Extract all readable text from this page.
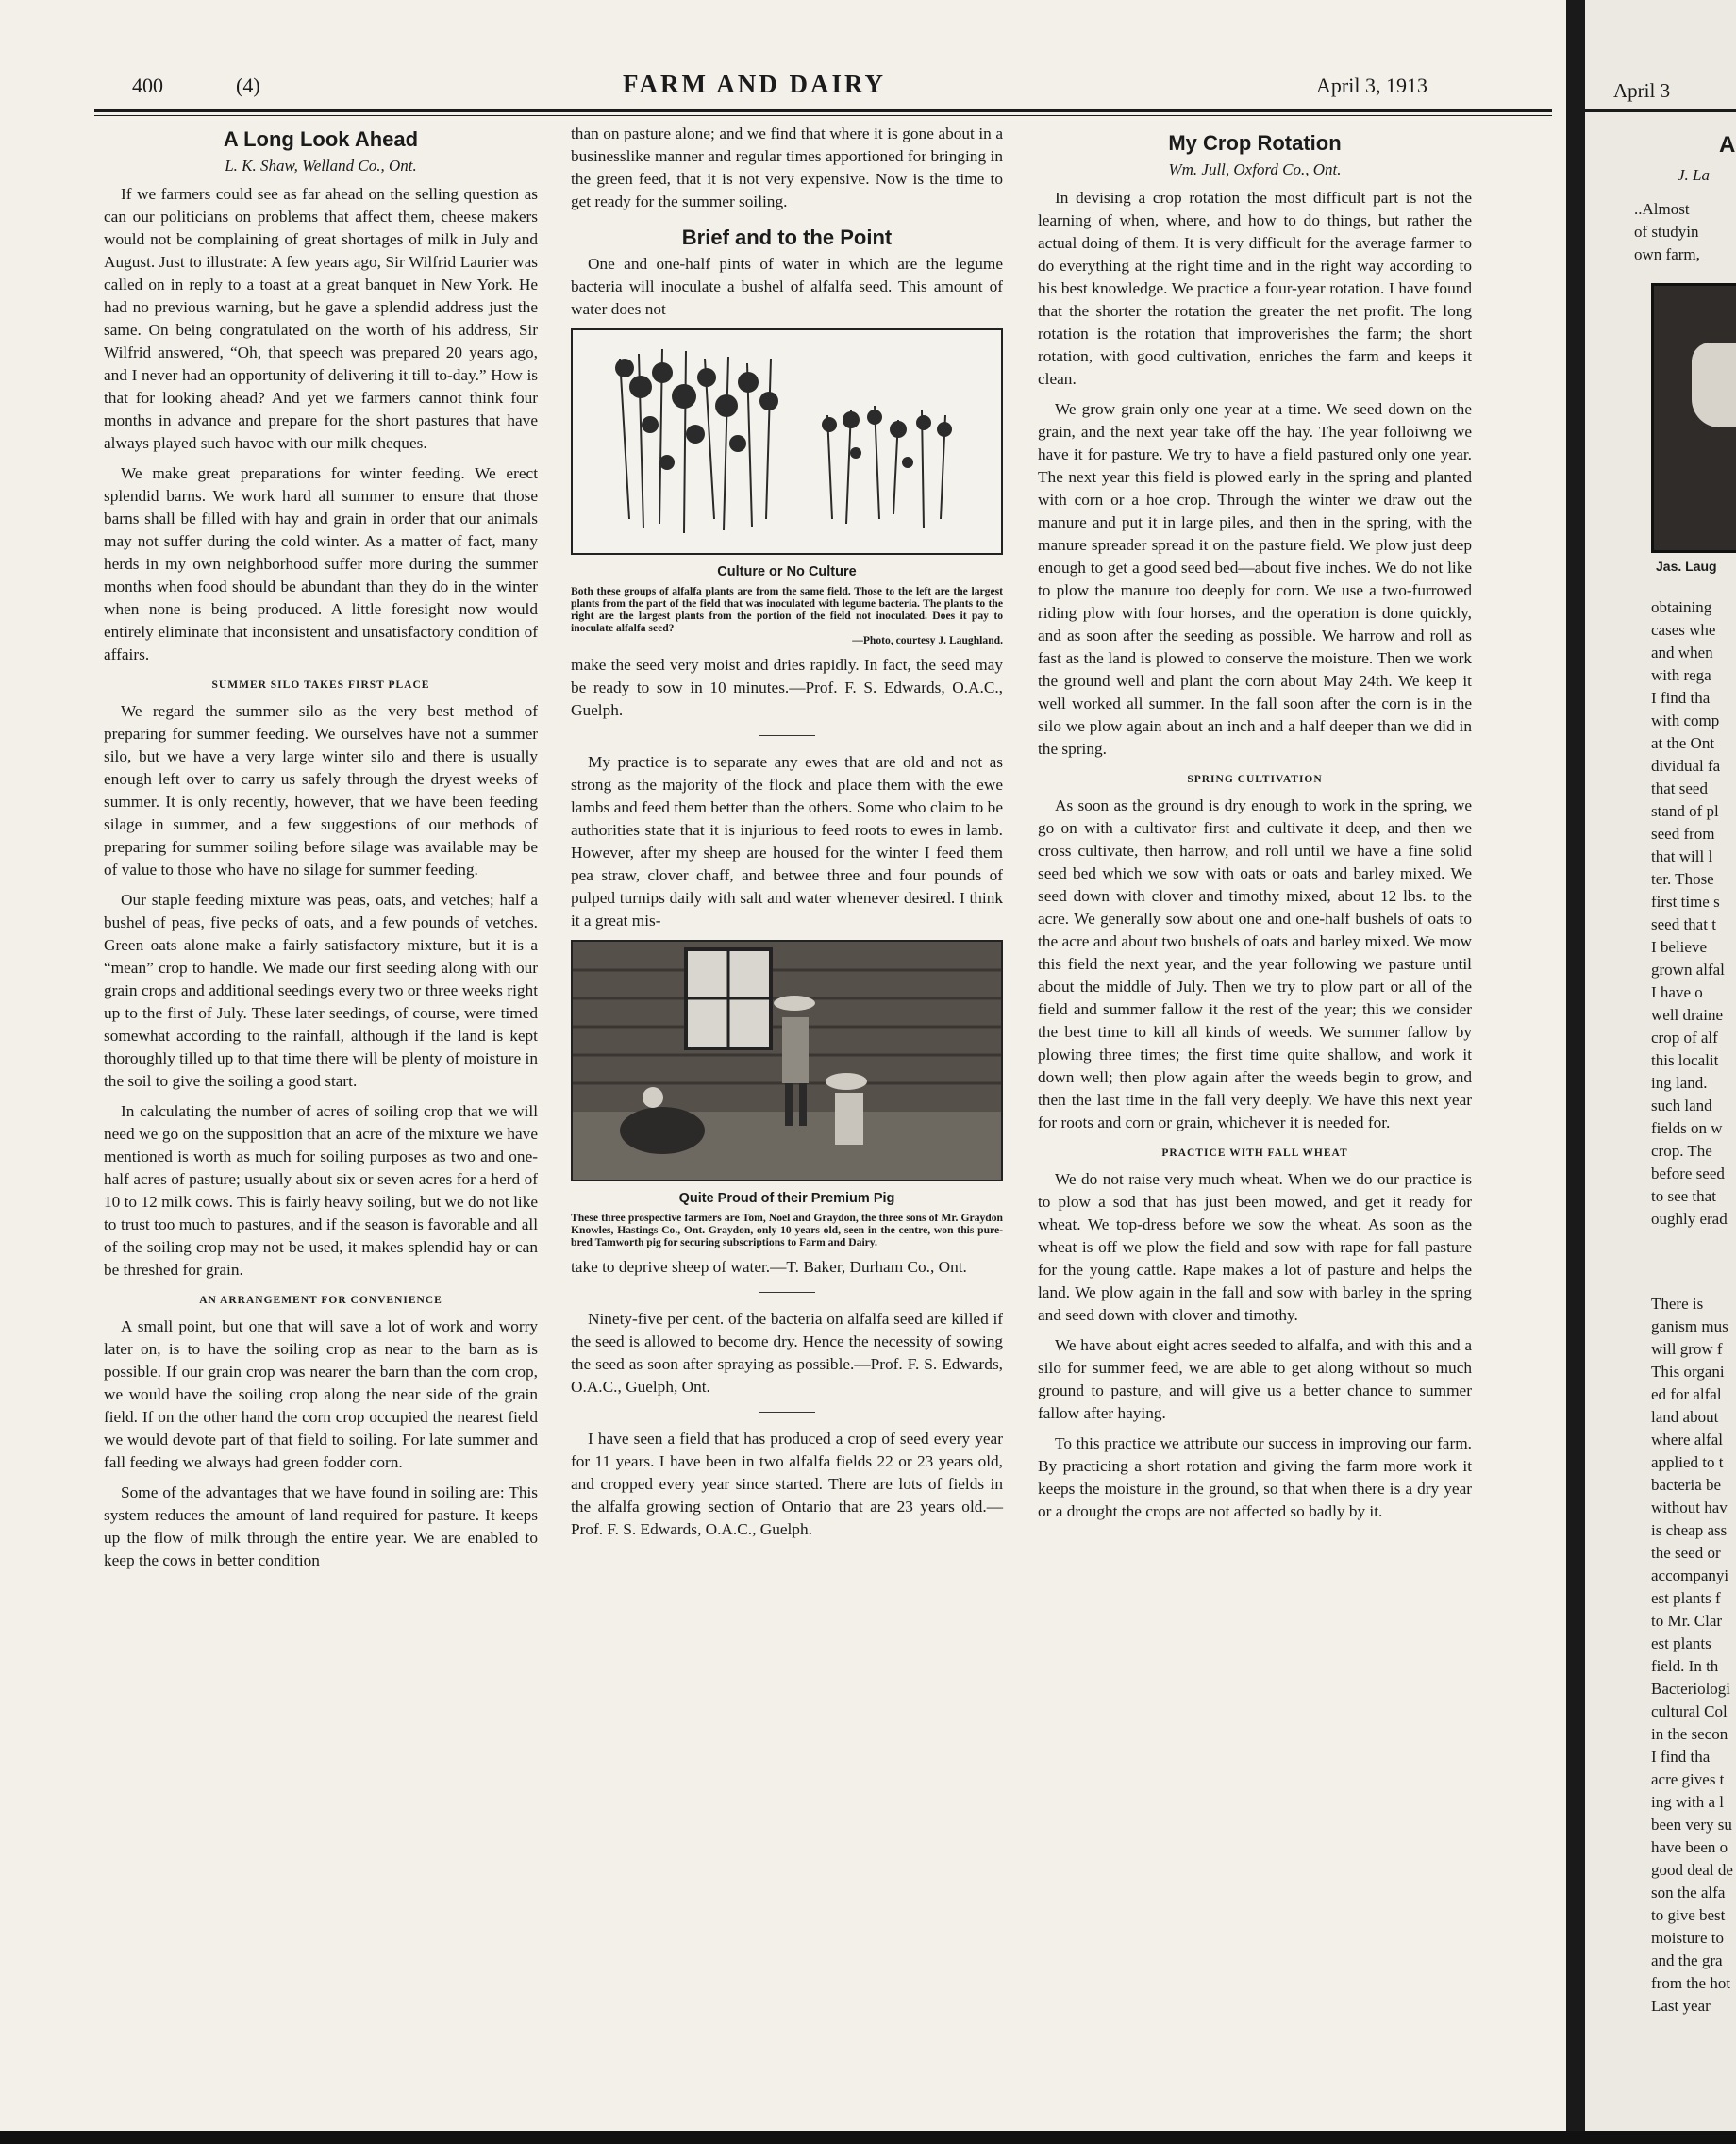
400	(4)	FARM AND DAIRY	April 3, 1913
A Long Look Ahead
L. K. Shaw, Welland Co., Ont.

If we farmers could see as far ahead on the selling question as can our politicians on problems that affect them, cheese makers would not be complaining of great shortages of milk in July and August. Just to illustrate: A few years ago, Sir Wilfrid Laurier was called on in reply to a toast at a great banquet in New York. He had no previous warning, but he gave a splendid address just the same. On being congratulated on the worth of his address, Sir Wilfrid answered, “Oh, that speech was prepared 20 years ago, and I never had an opportunity of delivering it till to-day.” How is that for looking ahead? And yet we farmers cannot think four months in advance and prepare for the short pastures that have always played such havoc with our milk cheques.

We make great preparations for winter feeding. We erect splendid barns. We work hard all summer to ensure that those barns shall be filled with hay and grain in order that our animals may not suffer during the cold winter. As a matter of fact, many herds in my own neighborhood suffer more during the summer months when food should be abundant than they do in the winter when none is being produced. A little foresight now would entirely eliminate that inconsistent and unsatisfactory condition of affairs.

SUMMER SILO TAKES FIRST PLACE

We regard the summer silo as the very best method of preparing for summer feeding. We ourselves have not a summer silo, but we have a very large winter silo and there is usually enough left over to carry us safely through the dryest weeks of summer. It is only recently, however, that we have been feeding silage in summer, and a few suggestions of our methods of preparing for summer soiling before silage was available may be of value to those who have no silage for summer feeding.

Our staple feeding mixture was peas, oats, and vetches; half a bushel of peas, five pecks of oats, and a few pounds of vetches. Green oats alone make a fairly satisfactory mixture, but it is a “mean” crop to handle. We made our first seeding along with our grain crops and additional seedings every two or three weeks right up to the first of July. These later seedings, of course, were timed somewhat according to the rainfall, although if the land is kept thoroughly tilled up to that time there will be plenty of moisture in the soil to give the soiling a good start.

In calculating the number of acres of soiling crop that we will need we go on the supposition that an acre of the mixture we have mentioned is worth as much for soiling purposes as two and one-half acres of pasture; usually about six or seven acres for a herd of 10 to 12 milk cows. This is fairly heavy soiling, but we do not like to trust too much to pastures, and if the season is favorable and all of the soiling crop may not be used, it makes splendid hay or can be threshed for grain.

AN ARRANGEMENT FOR CONVENIENCE

A small point, but one that will save a lot of work and worry later on, is to have the soiling crop as near to the barn as is possible. If our grain crop was nearer the barn than the corn crop, we would have the soiling crop along the near side of the grain field. If on the other hand the corn crop occupied the nearest field we would devote part of that field to soiling. For late summer and fall feeding we always had green fodder corn.

Some of the advantages that we have found in soiling are: This system reduces the amount of land required for pasture. It keeps up the flow of milk through the entire year. We are enabled to keep the cows in better condition

than on pasture alone; and we find that where it is gone about in a businesslike manner and regular times apportioned for bringing in the green feed, that it is not very expensive. Now is the time to get ready for the summer soiling.

Brief and to the Point

One and one-half pints of water in which are the legume bacteria will inoculate a bushel of alfalfa seed. This amount of water does not

Culture or No Culture
Both these groups of alfalfa plants are from the same field. Those to the left are the largest plants from the part of the field that was inoculated with legume bacteria. The plants to the right are the largest plants from the portion of the field not inoculated. Does it pay to inoculate alfalfa seed?
—Photo, courtesy J. Laughland.

make the seed very moist and dries rapidly. In fact, the seed may be ready to sow in 10 minutes.—Prof. F. S. Edwards, O.A.C., Guelph.

My practice is to separate any ewes that are old and not as strong as the majority of the flock and place them with the ewe lambs and feed them better than the others. Some who claim to be authorities state that it is injurious to feed roots to ewes in lamb. However, after my sheep are housed for the winter I feed them pea straw, clover chaff, and betwee three and four pounds of pulped turnips daily with salt and water whenever desired. I think it a great mis-

Quite Proud of their Premium Pig
These three prospective farmers are Tom, Noel and Graydon, the three sons of Mr. Graydon Knowles, Hastings Co., Ont. Graydon, only 10 years old, seen in the centre, won this pure-bred Tamworth pig for securing subscriptions to Farm and Dairy.

take to deprive sheep of water.—T. Baker, Durham Co., Ont.

Ninety-five per cent. of the bacteria on alfalfa seed are killed if the seed is allowed to become dry. Hence the necessity of sowing the seed as soon after spraying as possible.—Prof. F. S. Edwards, O.A.C., Guelph, Ont.

I have seen a field that has produced a crop of seed every year for 11 years. I have been in two alfalfa fields 22 or 23 years old, and cropped every year since started. There are lots of fields in the alfalfa growing section of Ontario that are 23 years old.—Prof. F. S. Edwards, O.A.C., Guelph.

My Crop Rotation
Wm. Jull, Oxford Co., Ont.

In devising a crop rotation the most difficult part is not the learning of when, where, and how to do things, but rather the actual doing of them. It is very difficult for the average farmer to do everything at the right time and in the right way according to his best knowledge. We practice a four-year rotation. I have found that the shorter the rotation the greater the net profit. The long rotation is the rotation that improverishes the farm; the short rotation, with good cultivation, enriches the farm and keeps it clean.

We grow grain only one year at a time. We seed down on the grain, and the next year take off the hay. The year folloiwng we have it for pasture. We try to have a field pastured only one year. The next year this field is plowed early in the spring and planted with corn or a hoe crop. Through the winter we draw out the manure and put it in large piles, and then in the spring, with the manure spreader spread it on the pasture field. We plow just deep enough to get a good seed bed—about five inches. We do not like to plow the manure too deeply for corn. We use a two-furrowed riding plow with four horses, and the operation is done quickly, and as soon after the seeding as possible. We harrow and roll as fast as the land is plowed to conserve the moisture. Then we work the ground well and plant the corn about May 24th. We keep it well worked all summer. In the fall soon after the corn is in the silo we plow again about an inch and a half deeper than we did in the spring.

SPRING CULTIVATION

As soon as the ground is dry enough to work in the spring, we go on with a cultivator first and cultivate it deep, and then we cross cultivate, then harrow, and roll until we have a fine solid seed bed which we sow with oats or oats and barley mixed. We seed down with clover and timothy mixed, about 12 lbs. to the acre. We generally sow about one and one-half bushels of oats to the acre and about two bushels of oats and barley mixed. We mow this field the next year, and the year following we pasture until about the middle of July. Then we try to plow part or all of the field and summer fallow it the rest of the year; this we consider the best time to kill all kinds of weeds. We summer fallow by plowing three times; the first time quite shallow, and work it down well; then plow again after the weeds begin to grow, and then the last time in the fall very deeply. We have this next year for roots and corn or grain, whichever it is needed for.

PRACTICE WITH FALL WHEAT

We do not raise very much wheat. When we do our practice is to plow a sod that has just been mowed, and get it ready for wheat. We top-dress before we sow the wheat. As soon as the wheat is off we plow the field and sow with rape for fall pasture for the young cattle. Rape makes a lot of pasture and helps the land. We plow again in the fall and sow with barley in the spring and seed down with clover and timothy.

We have about eight acres seeded to alfalfa, and with this and a silo for summer feed, we are able to get along without so much ground to pasture, and will give us a better chance to summer fallow after haying.

To this practice we attribute our success in improving our farm. By practicing a short rotation and giving the farm more work it keeps the moisture in the ground, so that when there is a dry year or a drought the crops are not affected so badly by it.

April 3
A
J. La
..Almost
of studyin
own farm,
Jas. Laug
obtaining
cases whe
and when
with rega
I find tha
with comp
at the Ont
dividual fa
that seed
stand of pl
seed from
that will l
ter. Those
first time s
seed that t
I believe
grown alfal
I have o
well draine
crop of alf
this localit
ing land.
such land
fields on w
crop. The
before seed
to see that
oughly erad
There is
ganism mus
will grow f
This organi
ed for alfal
land about
where alfal
applied to t
bacteria be
without hav
is cheap ass
the seed or
accompanyi
est plants f
to Mr. Clar
est plants
field. In th
Bacteriologi
cultural Col
in the secon
I find tha
acre gives t
ing with a l
been very su
have been o
good deal de
son the alfa
to give best
moisture to
and the gra
from the hot
Last year
